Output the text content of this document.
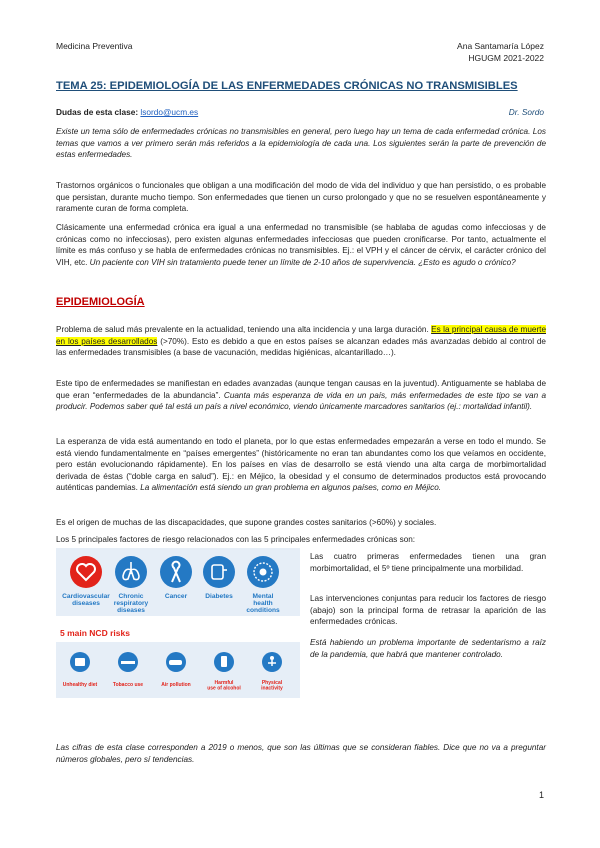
Medicina Preventiva	Ana Santamaría López
HGUGM 2021-2022
TEMA 25: EPIDEMIOLOGÍA DE LAS ENFERMEDADES CRÓNICAS NO TRANSMISIBLES
Dudas de esta clase: lsordo@ucm.es	Dr. Sordo

Existe un tema sólo de enfermedades crónicas no transmisibles en general, pero luego hay un tema de cada enfermedad crónica. Los temas que vamos a ver primero serán más referidos a la epidemiología de cada una. Los siguientes serán la parte de prevención de estas enfermedades.

Trastornos orgánicos o funcionales que obligan a una modificación del modo de vida del individuo y que han persistido, o es probable que persistan, durante mucho tiempo. Son enfermedades que tienen un curso prolongado y que no se resuelven espontáneamente y raramente curan de forma completa.

Clásicamente una enfermedad crónica era igual a una enfermedad no transmisible (se hablaba de agudas como infecciosas y de crónicas como no infecciosas), pero existen algunas enfermedades infecciosas que pueden cronificarse. Por tanto, actualmente el límite es más confuso y se habla de enfermedades crónicas no transmisibles. Ej.: el VPH y el cáncer de cérvix, el carácter crónico del VIH, etc. Un paciente con VIH sin tratamiento puede tener un límite de 2-10 años de supervivencia. ¿Esto es agudo o crónico?

EPIDEMIOLOGÍA

Problema de salud más prevalente en la actualidad, teniendo una alta incidencia y una larga duración. Es la principal causa de muerte en los países desarrollados (>70%). Esto es debido a que en estos países se alcanzan edades más avanzadas debido al control de las enfermedades transmisibles (a base de vacunación, medidas higiénicas, alcantarillado…).

Este tipo de enfermedades se manifiestan en edades avanzadas (aunque tengan causas en la juventud). Antiguamente se hablaba de que eran “enfermedades de la abundancia”. Cuanta más esperanza de vida en un país, más enfermedades de este tipo se van a producir. Podemos saber qué tal está un país a nivel económico, viendo únicamente marcadores sanitarios (ej.: mortalidad infantil).

La esperanza de vida está aumentando en todo el planeta, por lo que estas enfermedades empezarán a verse en todo el mundo. Se está viendo fundamentalmente en “países emergentes” (históricamente no eran tan abundantes como los que veíamos en occidente, pero están evolucionando rápidamente). En los países en vías de desarrollo se está viendo una alta carga de morbimortalidad derivada de éstas (“doble carga en salud”). Ej.: en Méjico, la obesidad y el consumo de determinados productos está provocando auténticas pandemias. La alimentación está siendo un gran problema en algunos países, como en Méjico.

Es el origen de muchas de las discapacidades, que supone grandes costes sanitarios (>60%) y sociales.

Los 5 principales factores de riesgo relacionados con las 5 principales enfermedades crónicas son:

Cardiovascular diseases
Chronic respiratory diseases
Cancer	Diabetes	Mental health conditions
5 main NCD risks
Unhealthy diet	Tobacco use	Air pollution	Harmful use of alcohol
Physical inactivity

Las cuatro primeras enfermedades tienen una gran morbimortalidad, el 5º tiene principalmente una morbilidad.

Las intervenciones conjuntas para reducir los factores de riesgo (abajo) son la principal forma de retrasar la aparición de las enfermedades crónicas.

Está habiendo un problema importante de sedentarismo a raíz de la pandemia, que habrá que mantener controlado.

Las cifras de esta clase corresponden a 2019 o menos, que son las últimas que se consideran fiables. Dice que no va a preguntar números globales, pero sí tendencias.

1
